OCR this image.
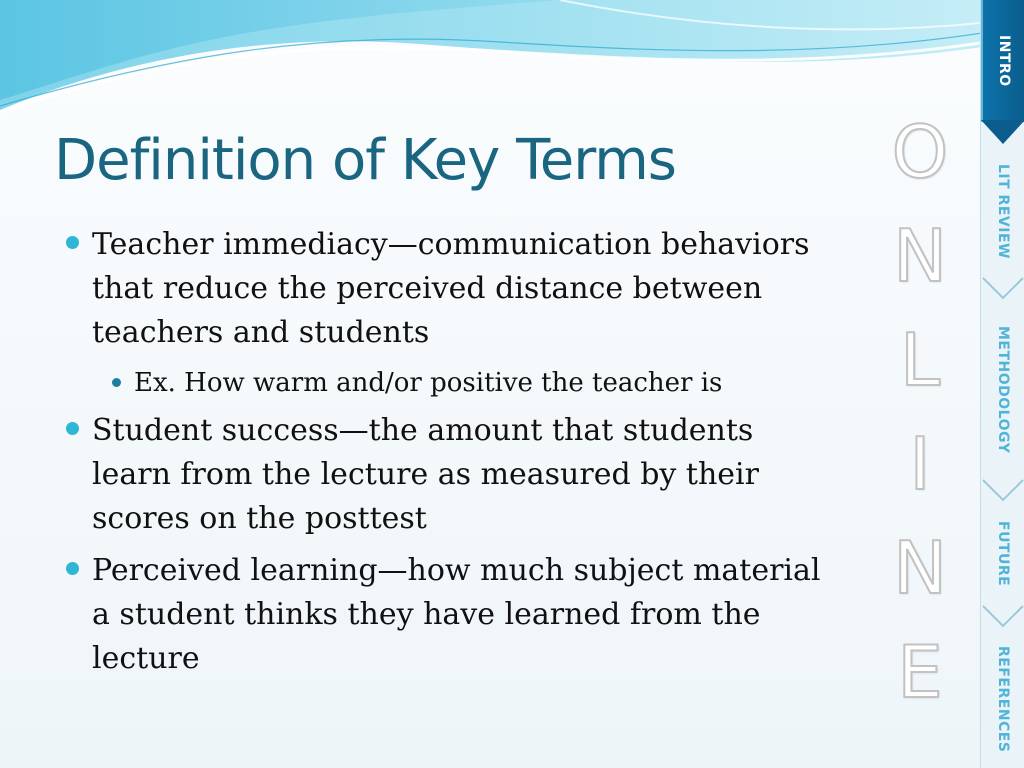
Definition of Key Terms
Teacher immediacy—communication behaviors that reduce the perceived distance between teachers and students
Ex. How warm and/or positive the teacher is
Student success—the amount that students learn from the lecture as measured by their scores on the posttest
Perceived learning—how much subject material a student thinks they have learned from the lecture
O
N
L
I
N
E
INTRO
LIT REVIEW
METHODOLOGY
FUTURE
REFERENCES
